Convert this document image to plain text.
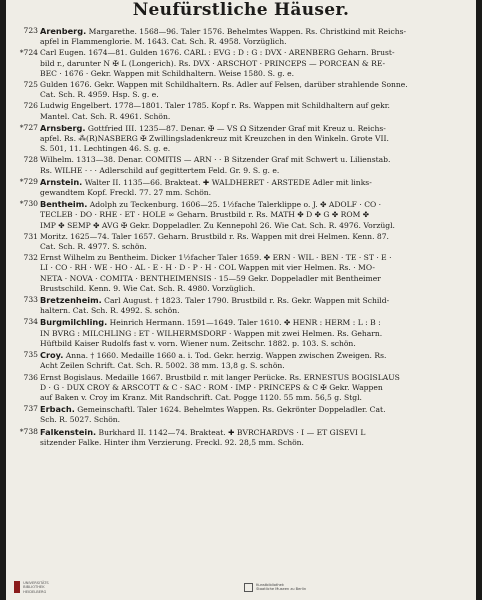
Neufürstliche Häuser.
723 Arenberg. Margarethe. 1568—96. Taler 1576. Behelmtes Wappen. Rs. Christkind mit Reichs-
apfel in Flammenglorie. M. 1643. Cat. Sch. R. 4958. Vorzüglich.
*724 Carl Eugen. 1674—81. Gulden 1676. CARL : EVG : D : G : DVX · ARENBERG Geharn. Brust-
bild r., darunter N ✠ L (Longerich). Rs. DVX · ARSCHOT · PRINCEPS — PORCEAN & RE-
BEC · 1676 · Gekr. Wappen mit Schildhaltern. Weise 1580. S. g. e.
725 Gulden 1676. Gekr. Wappen mit Schildhaltern. Rs. Adler auf Felsen, darüber strahlende Sonne.
Cat. Sch. R. 4959. Hsp. S. g. e.
726 Ludwig Engelbert. 1778—1801. Taler 1785. Kopf r. Rs. Wappen mit Schildhaltern auf gekr.
Mantel. Cat. Sch. R. 4961. Schön.
*727 Arnsberg. Gottfried III. 1235—87. Denar. ✠ — VS Ω Sitzender Graf mit Kreuz u. Reichs-
apfel. Rs. ⁂(R)NASBERG ✠ Zwillingsladenkreuz mit Kreuzchen in den Winkeln. Grote VII.
S. 501, 11. Lechtingen 46. S. g. e.
728 Wilhelm. 1313—38. Denar. COMITIS — ARN · · B Sitzender Graf mit Schwert u. Lilienstab.
Rs. WILHE · · · Adlerschild auf gegittertem Feld. Gr. 9. S. g. e.
*729 Arnstein. Walter II. 1135—66. Brakteat. ✚ WALDHERET · ARSTEDE Adler mit links-
gewandtem Kopf. Freckl. 77. 27 mm. Schön.
*730 Bentheim. Adolph zu Teckenburg. 1606—25. 1½fache Talerklippe o. J. ✤ ADOLF · CO ·
TECLEB · DO · RHE · ET · HOLE ∞ Geharn. Brustbild r. Rs. MATH ✤ D ✤ G ✤ ROM ✤
IMP ✤ SEMP ✤ AVG ✠ Gekr. Doppeladler. Zu Kennepohl 26. Wie Cat. Sch. R. 4976. Vorzügl.
731 Moritz. 1625—74. Taler 1657. Geharn. Brustbild r. Rs. Wappen mit drei Helmen. Kenn. 87.
Cat. Sch. R. 4977. S. schön.
732 Ernst Wilhelm zu Bentheim. Dicker 1½facher Taler 1659. ✤ ERN · WIL · BEN · TE · ST · E ·
LI · CO · RH · WE · HO · AL · E · H · D · P · H · COL Wappen mit vier Helmen. Rs. · MO-
NETA · NOVA · COMITA · BENTHEIMENSIS · 15—59 Gekr. Doppeladler mit Bentheimer
Brustschild. Kenn. 9. Wie Cat. Sch. R. 4980. Vorzüglich.
733 Bretzenheim. Carl August. † 1823. Taler 1790. Brustbild r. Rs. Gekr. Wappen mit Schild-
haltern. Cat. Sch. R. 4992. S. schön.
734 Burgmilchling. Heinrich Hermann. 1591—1649. Taler 1610. ✤ HENR : HERM : L : B :
IN BVRG : MILCHLING : ET · WILHERMSDORF · Wappen mit zwei Helmen. Rs. Geharn.
Hüftbild Kaiser Rudolfs fast v. vorn. Wiener num. Zeitschr. 1882. p. 103. S. schön.
735 Croy. Anna. † 1660. Medaille 1660 a. i. Tod. Gekr. herzig. Wappen zwischen Zweigen. Rs.
Acht Zeilen Schrift. Cat. Sch. R. 5002. 38 mm. 13,8 g. S. schön.
736 Ernst Bogislaus. Medaille 1667. Brustbild r. mit langer Perücke. Rs. ERNESTUS BOGISLAUS
D · G · DUX CROY & ARSCOTT & C · SAC · ROM · IMP · PRINCEPS & C ✠ Gekr. Wappen
auf Baken v. Croy im Kranz. Mit Randschrift. Cat. Pogge 1120. 55 mm. 56,5 g. Stgl.
737 Erbach. Gemeinschaftl. Taler 1624. Behelmtes Wappen. Rs. Gekrönter Doppeladler. Cat.
Sch. R. 5027. Schön.
*738 Falkenstein. Burkhard II. 1142—74. Brakteat. ✚ BVRCHARDVS · I — ET GISEVI L
sitzender Falke. Hinter ihm Verzierung. Freckl. 92. 28,5 mm. Schön.
UNIVERSITÄTS
BIBLIOTHEK
HEIDELBERG
Kunstbibliothek
Staatliche Museen zu Berlin
